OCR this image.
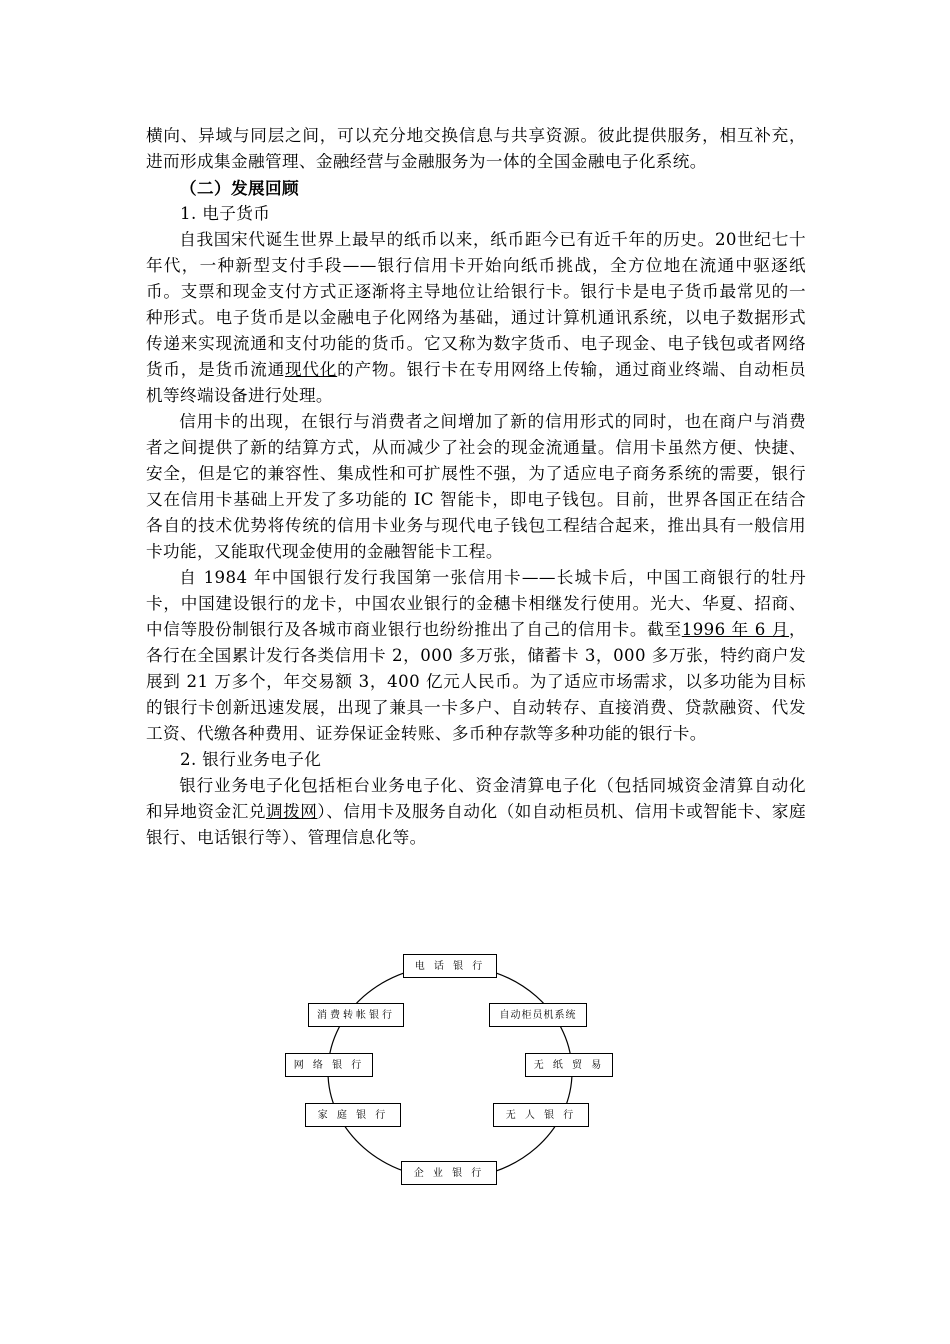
横向、异域与同层之间，可以充分地交换信息与共享资源。彼此提供服务，相互补充，进而形成集金融管理、金融经营与金融服务为一体的全国金融电子化系统。

（二）发展回顾

1. 电子货币

自我国宋代诞生世界上最早的纸币以来，纸币距今已有近千年的历史。20世纪七十年代，一种新型支付手段——银行信用卡开始向纸币挑战，全方位地在流通中驱逐纸币。支票和现金支付方式正逐渐将主导地位让给银行卡。银行卡是电子货币最常见的一种形式。电子货币是以金融电子化网络为基础，通过计算机通讯系统，以电子数据形式传递来实现流通和支付功能的货币。它又称为数字货币、电子现金、电子钱包或者网络货币，是货币流通现代化的产物。银行卡在专用网络上传输，通过商业终端、自动柜员机等终端设备进行处理。

信用卡的出现，在银行与消费者之间增加了新的信用形式的同时，也在商户与消费者之间提供了新的结算方式，从而减少了社会的现金流通量。信用卡虽然方便、快捷、安全，但是它的兼容性、集成性和可扩展性不强，为了适应电子商务系统的需要，银行又在信用卡基础上开发了多功能的 IC 智能卡，即电子钱包。目前，世界各国正在结合各自的技术优势将传统的信用卡业务与现代电子钱包工程结合起来，推出具有一般信用卡功能，又能取代现金使用的金融智能卡工程。

自 1984 年中国银行发行我国第一张信用卡——长城卡后，中国工商银行的牡丹卡，中国建设银行的龙卡，中国农业银行的金穗卡相继发行使用。光大、华夏、招商、中信等股份制银行及各城市商业银行也纷纷推出了自己的信用卡。截至1996 年 6 月，各行在全国累计发行各类信用卡 2，000 多万张，储蓄卡 3，000 多万张，特约商户发展到 21 万多个，年交易额 3，400 亿元人民币。为了适应市场需求，以多功能为目标的银行卡创新迅速发展，出现了兼具一卡多户、自动转存、直接消费、贷款融资、代发工资、代缴各种费用、证券保证金转账、多币种存款等多种功能的银行卡。

2. 银行业务电子化

银行业务电子化包括柜台业务电子化、资金清算电子化（包括同城资金清算自动化和异地资金汇兑调拨网）、信用卡及服务自动化（如自动柜员机、信用卡或智能卡、家庭银行、电话银行等）、管理信息化等。

电 话 银 行
消费转帐银行	自动柜员机系统
网 络 银 行	无 纸 贸 易
家 庭 银 行	无 人 银 行
企 业 银 行
